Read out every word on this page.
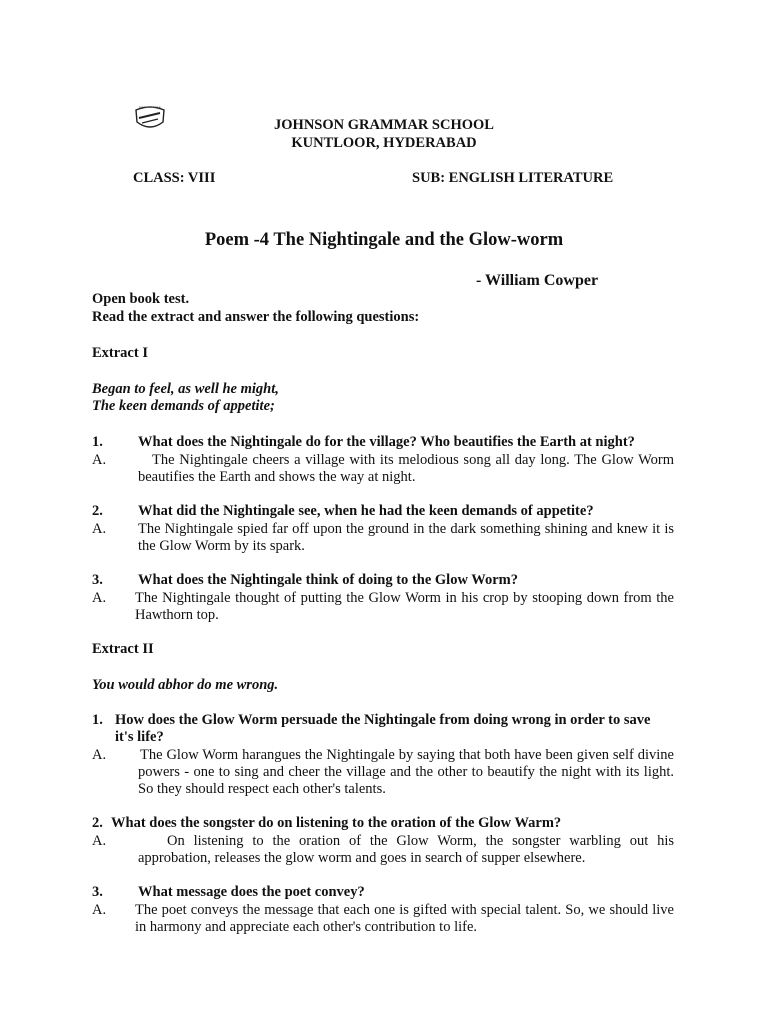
JOHNSON GRAMMAR SCHOOL
KUNTLOOR, HYDERABAD
CLASS: VIII	SUB: ENGLISH LITERATURE
Poem -4 The Nightingale and the Glow-worm
- William Cowper
Open book test.
Read the extract and answer the following questions:
Extract I
Began to feel, as well he might,
The keen demands of appetite;
1. What does the Nightingale do for the village? Who beautifies the Earth at night?
A.	The Nightingale cheers a village with its melodious song all day long. The Glow Worm beautifies the Earth and shows the way at night.
2. What did the Nightingale see, when he had the keen demands of appetite?
A. The Nightingale spied far off upon the ground in the dark something shining and knew it is the Glow Worm by its spark.
3. What does the Nightingale think of doing to the Glow Worm?
A. The Nightingale thought of putting the Glow Worm in his crop by stooping down from the Hawthorn top.
Extract II
You would abhor do me wrong.
1. How does the Glow Worm persuade the Nightingale from doing wrong in order to save it's life?
A. The Glow Worm harangues the Nightingale by saying that both have been given self divine powers - one to sing and cheer the village and the other to beautify the night with its light. So they should respect each other's talents.
2. What does the songster do on listening to the oration of the Glow Warm?
A.	On listening to the oration of the Glow Worm, the songster warbling out his approbation, releases the glow worm and goes in search of supper elsewhere.
3. What message does the poet convey?
A. The poet conveys the message that each one is gifted with special talent. So, we should live in harmony and appreciate each other's contribution to life.
